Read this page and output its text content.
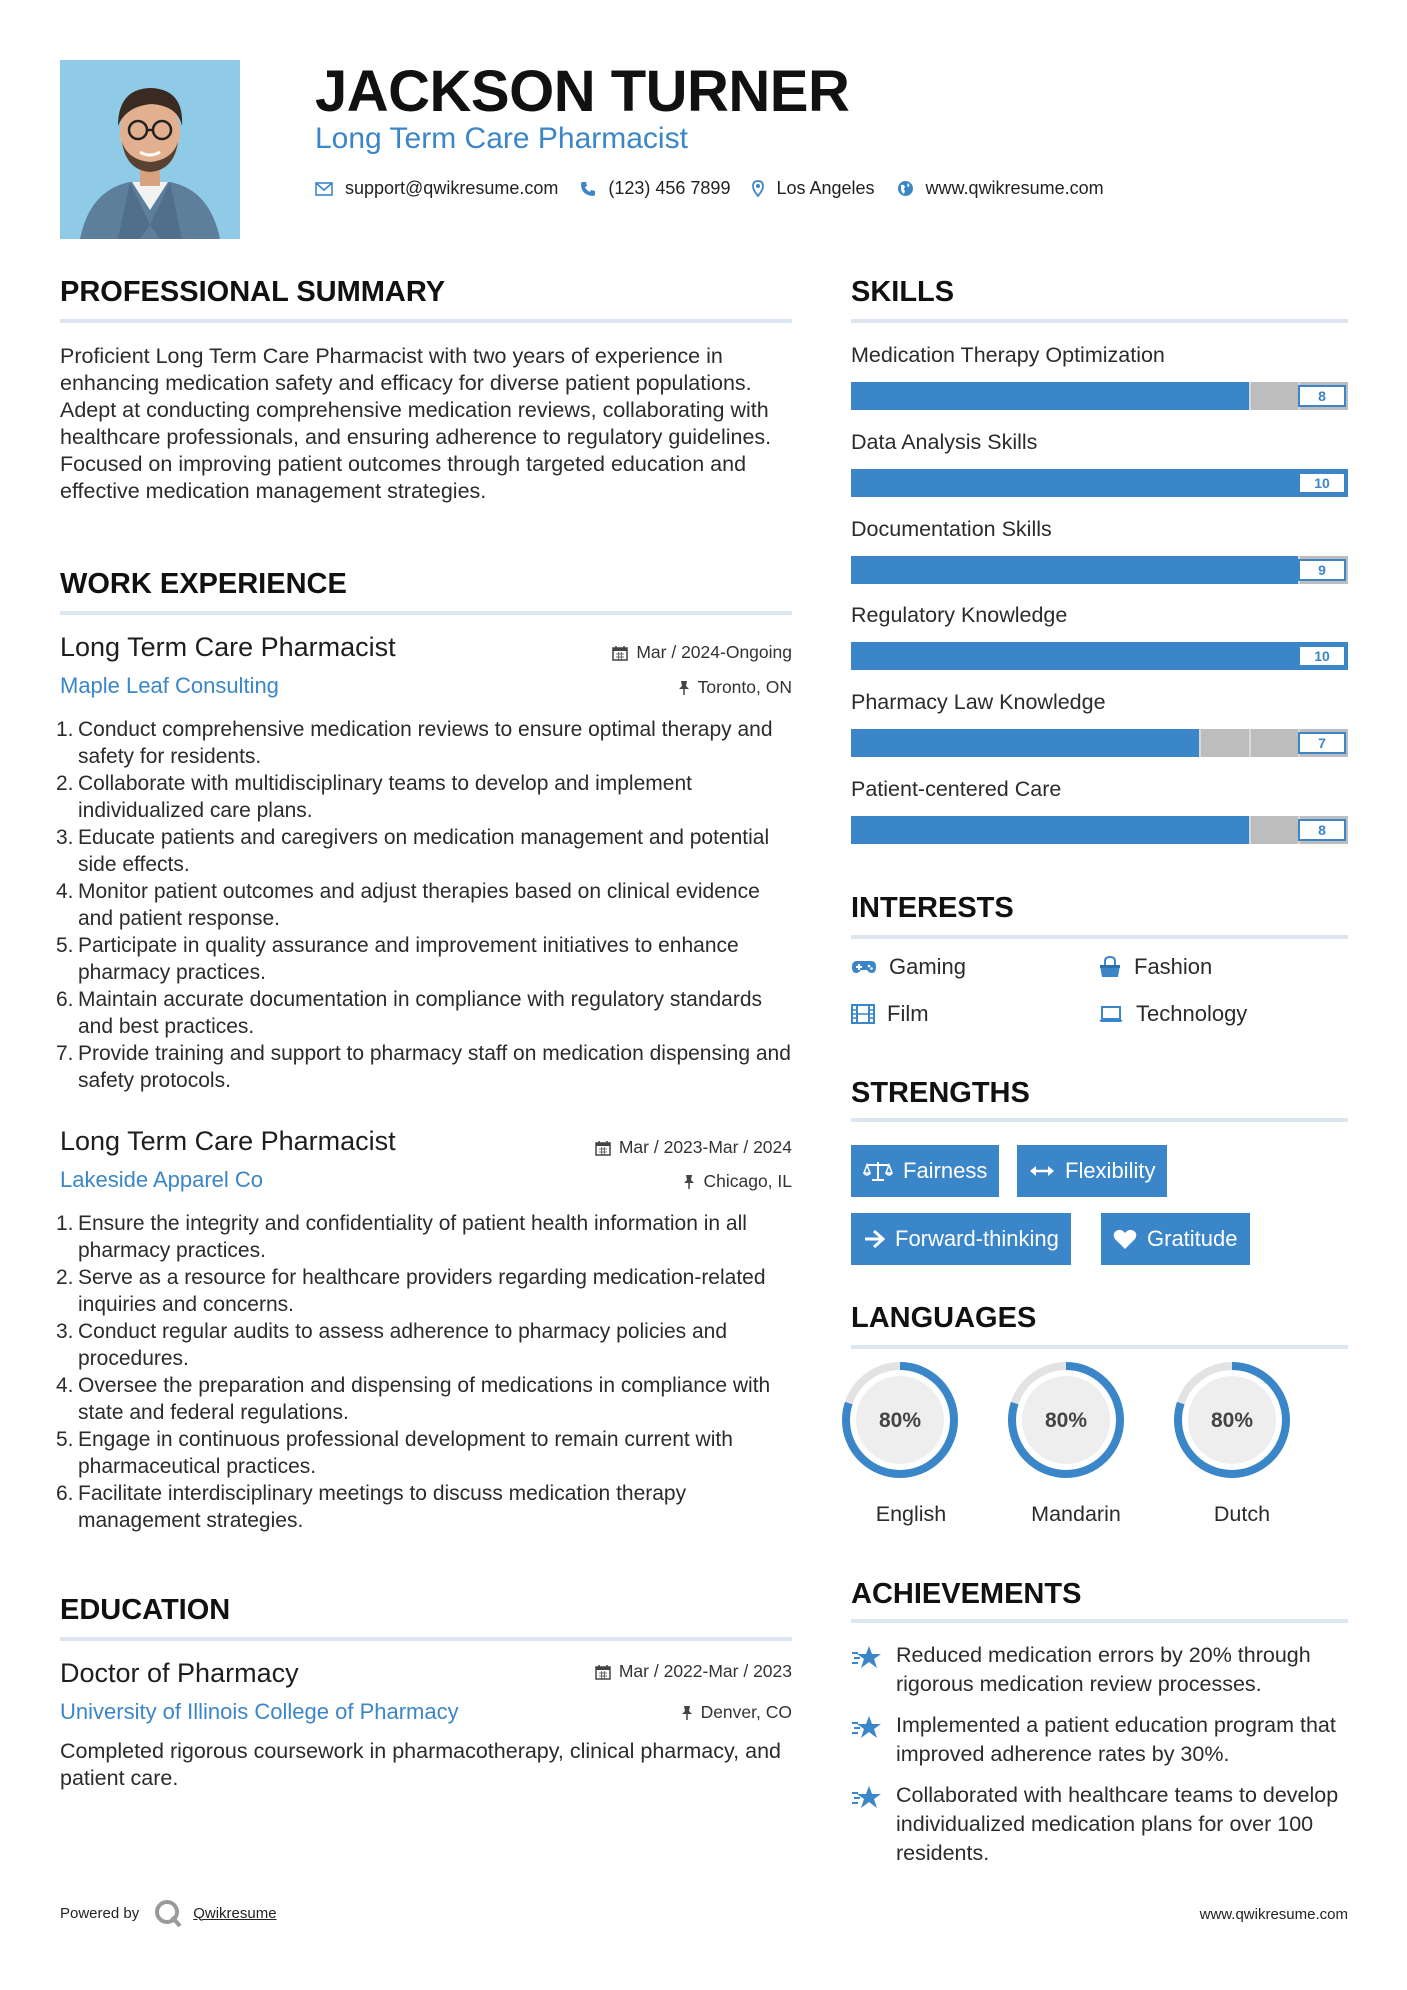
JACKSON TURNER
Long Term Care Pharmacist
support@qwikresume.com	(123) 456 7899	Los Angeles	www.qwikresume.com
PROFESSIONAL SUMMARY
Proficient Long Term Care Pharmacist with two years of experience in enhancing medication safety and efficacy for diverse patient populations. Adept at conducting comprehensive medication reviews, collaborating with healthcare professionals, and ensuring adherence to regulatory guidelines. Focused on improving patient outcomes through targeted education and effective medication management strategies.
WORK EXPERIENCE
Long Term Care Pharmacist	Mar / 2024-Ongoing
Maple Leaf Consulting	Toronto, ON
1. Conduct comprehensive medication reviews to ensure optimal therapy and safety for residents.
2. Collaborate with multidisciplinary teams to develop and implement individualized care plans.
3. Educate patients and caregivers on medication management and potential side effects.
4. Monitor patient outcomes and adjust therapies based on clinical evidence and patient response.
5. Participate in quality assurance and improvement initiatives to enhance pharmacy practices.
6. Maintain accurate documentation in compliance with regulatory standards and best practices.
7. Provide training and support to pharmacy staff on medication dispensing and safety protocols.
Long Term Care Pharmacist	Mar / 2023-Mar / 2024
Lakeside Apparel Co	Chicago, IL
1. Ensure the integrity and confidentiality of patient health information in all pharmacy practices.
2. Serve as a resource for healthcare providers regarding medication-related inquiries and concerns.
3. Conduct regular audits to assess adherence to pharmacy policies and procedures.
4. Oversee the preparation and dispensing of medications in compliance with state and federal regulations.
5. Engage in continuous professional development to remain current with pharmaceutical practices.
6. Facilitate interdisciplinary meetings to discuss medication therapy management strategies.
EDUCATION
Doctor of Pharmacy	Mar / 2022-Mar / 2023
University of Illinois College of Pharmacy	Denver, CO
Completed rigorous coursework in pharmacotherapy, clinical pharmacy, and patient care.
SKILLS
Medication Therapy Optimization
8
Data Analysis Skills
10
Documentation Skills
9
Regulatory Knowledge
10
Pharmacy Law Knowledge
7
Patient-centered Care
8
INTERESTS
Gaming	Fashion
Film	Technology
STRENGTHS
Fairness	Flexibility
Forward-thinking	Gratitude
LANGUAGES
80%	80%	80%
English	Mandarin	Dutch
ACHIEVEMENTS
Reduced medication errors by 20% through rigorous medication review processes.
Implemented a patient education program that improved adherence rates by 30%.
Collaborated with healthcare teams to develop individualized medication plans for over 100 residents.
Powered by	Qwikresume	www.qwikresume.com
